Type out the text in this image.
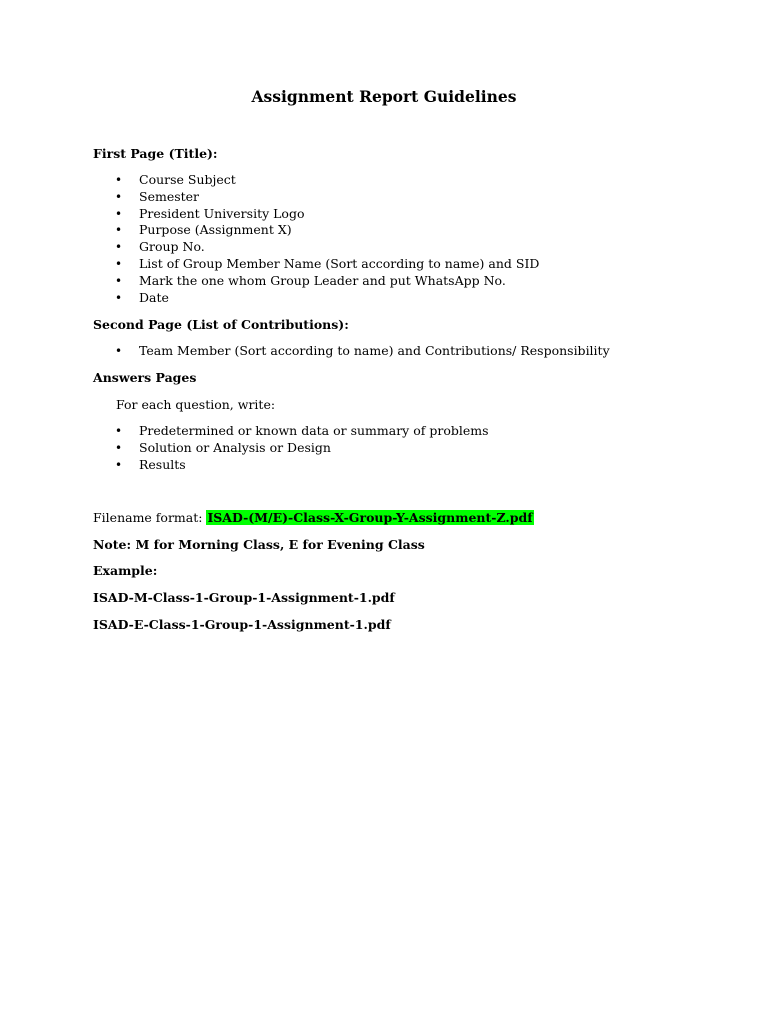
Assignment Report Guidelines
First Page (Title):
• Course Subject
• Semester
• President University Logo
• Purpose (Assignment X)
• Group No.
• List of Group Member Name (Sort according to name) and SID
• Mark the one whom Group Leader and put WhatsApp No.
• Date
Second Page (List of Contributions):
• Team Member (Sort according to name) and Contributions/ Responsibility
Answers Pages
For each question, write:
• Predetermined or known data or summary of problems
• Solution or Analysis or Design
• Results
Filename format: ISAD-(M/E)-Class-X-Group-Y-Assignment-Z.pdf
Note: M for Morning Class, E for Evening Class
Example:
ISAD-M-Class-1-Group-1-Assignment-1.pdf
ISAD-E-Class-1-Group-1-Assignment-1.pdf
